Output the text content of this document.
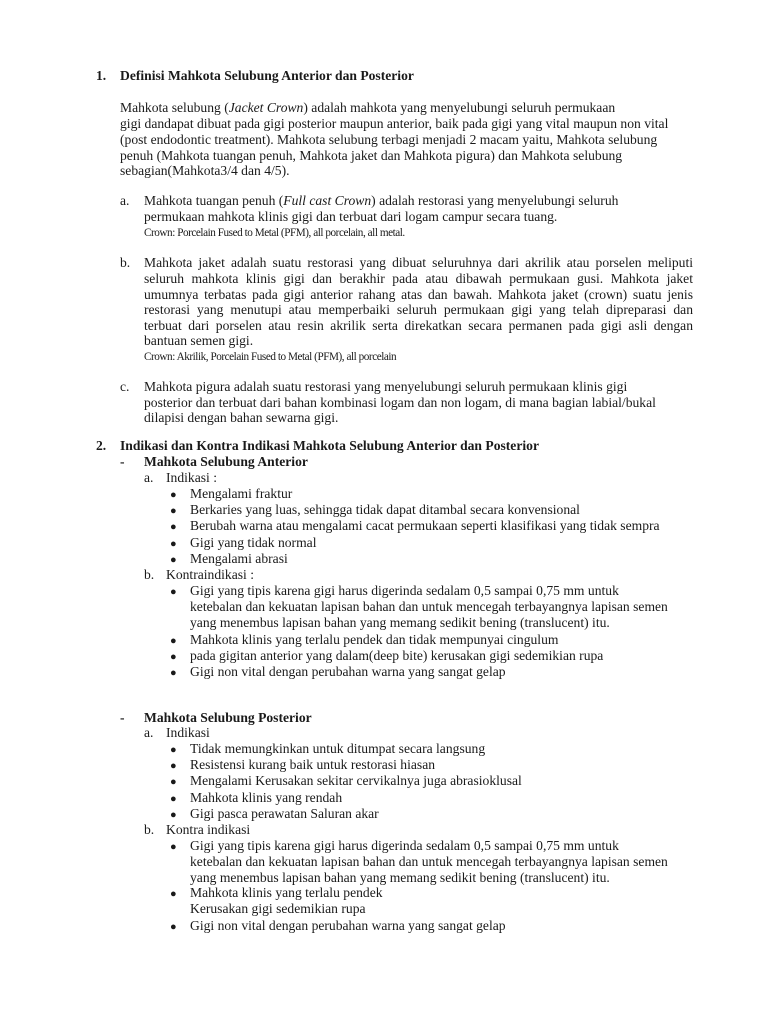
1. Definisi Mahkota Selubung Anterior dan Posterior
Mahkota selubung (Jacket Crown) adalah mahkota yang menyelubungi seluruh permukaan
gigi dandapat dibuat pada gigi posterior maupun anterior, baik pada gigi yang vital maupun non vital
(post endodontic treatment). Mahkota selubung terbagi menjadi 2 macam yaitu, Mahkota selubung
penuh (Mahkota tuangan penuh, Mahkota jaket dan Mahkota pigura) dan Mahkota selubung
sebagian(Mahkota3/4 dan 4/5).
a. Mahkota tuangan penuh (Full cast Crown) adalah restorasi yang menyelubungi seluruh
permukaan mahkota klinis gigi dan terbuat dari logam campur secara tuang.
Crown: Porcelain Fused to Metal (PFM), all porcelain, all metal.
b. Mahkota jaket adalah suatu restorasi yang dibuat seluruhnya dari akrilik atau porselen meliputi
seluruh mahkota klinis gigi dan berakhir pada atau dibawah permukaan gusi. Mahkota jaket
umumnya terbatas pada gigi anterior rahang atas dan bawah. Mahkota jaket (crown) suatu jenis
restorasi yang menutupi atau memperbaiki seluruh permukaan gigi yang telah dipreparasi dan
terbuat dari porselen atau resin akrilik serta direkatkan secara permanen pada gigi asli dengan
bantuan semen gigi.
Crown: Akrilik, Porcelain Fused to Metal (PFM), all porcelain
c. Mahkota pigura adalah suatu restorasi yang menyelubungi seluruh permukaan klinis gigi
posterior dan terbuat dari bahan kombinasi logam dan non logam, di mana bagian labial/bukal
dilapisi dengan bahan sewarna gigi.
2. Indikasi dan Kontra Indikasi Mahkota Selubung Anterior dan Posterior
- Mahkota Selubung Anterior
a. Indikasi :
● Mengalami fraktur
● Berkaries yang luas, sehingga tidak dapat ditambal secara konvensional
● Berubah warna atau mengalami cacat permukaan seperti klasifikasi yang tidak sempra
● Gigi yang tidak normal
● Mengalami abrasi
b. Kontraindikasi :
● Gigi yang tipis karena gigi harus digerinda sedalam 0,5 sampai 0,75 mm untuk
ketebalan dan kekuatan lapisan bahan dan untuk mencegah terbayangnya lapisan semen
yang menembus lapisan bahan yang memang sedikit bening (translucent) itu.
● Mahkota klinis yang terlalu pendek dan tidak mempunyai cingulum
● pada gigitan anterior yang dalam(deep bite) kerusakan gigi sedemikian rupa
● Gigi non vital dengan perubahan warna yang sangat gelap
- Mahkota Selubung Posterior
a. Indikasi
● Tidak memungkinkan untuk ditumpat secara langsung
● Resistensi kurang baik untuk restorasi hiasan
● Mengalami Kerusakan sekitar cervikalnya juga abrasioklusal
● Mahkota klinis yang rendah
● Gigi pasca perawatan Saluran akar
b. Kontra indikasi
● Gigi yang tipis karena gigi harus digerinda sedalam 0,5 sampai 0,75 mm untuk
ketebalan dan kekuatan lapisan bahan dan untuk mencegah terbayangnya lapisan semen
yang menembus lapisan bahan yang memang sedikit bening (translucent) itu.
● Mahkota klinis yang terlalu pendek
Kerusakan gigi sedemikian rupa
● Gigi non vital dengan perubahan warna yang sangat gelap
